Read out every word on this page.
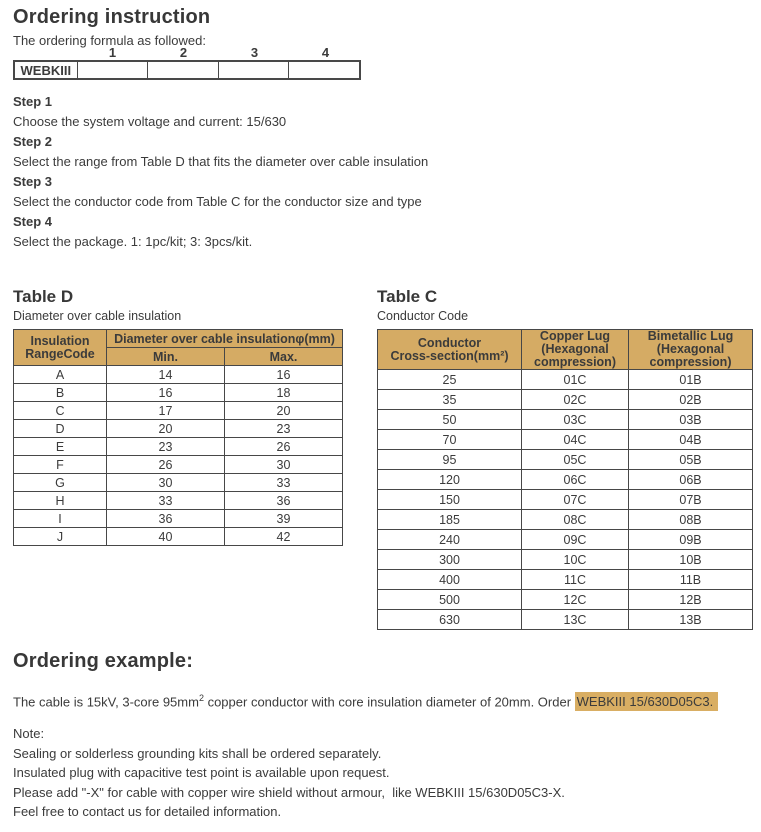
Ordering instruction
The ordering formula as followed:
1	2	3	4
WEBKIII
Step 1
Choose the system voltage and current: 15/630
Step 2
Select the range from Table D that fits the diameter over cable insulation
Step 3
Select the conductor code from Table C for the conductor size and type
Step 4
Select the package. 1: 1pc/kit; 3: 3pcs/kit.
Table D
Diameter over cable insulation
Insulation
RangeCode	Diameter over cable insulationφ(mm)	
	Min.	Max.
A	14	16
B	16	18
C	17	20
D	20	23
E	23	26
F	26	30
G	30	33
H	33	36
I	36	39
J	40	42
Table C
Conductor Code
Conductor
Cross-section(mm²)	Copper Lug
(Hexagonal
compression)	Bimetallic Lug
(Hexagonal
compression)

25	01C	01B
35	02C	02B
50	03C	03B
70	04C	04B
95	05C	05B
120	06C	06B
150	07C	07B
185	08C	08B
240	09C	09B
300	10C	10B
400	11C	11B
500	12C	12B
630	13C	13B
Ordering example:
The cable is 15kV, 3-core $95mm^2$ copper conductor with core insulation diameter of 20mm. Order WEBKIII 15/630D05C3.
Note:
Sealing or solderless grounding kits shall be ordered separately.
Insulated plug with capacitive test point is available upon request.
Please add "-X" for cable with copper wire shield without armour,  like WEBKIII 15/630D05C3-X.
Feel free to contact us for detailed information.
